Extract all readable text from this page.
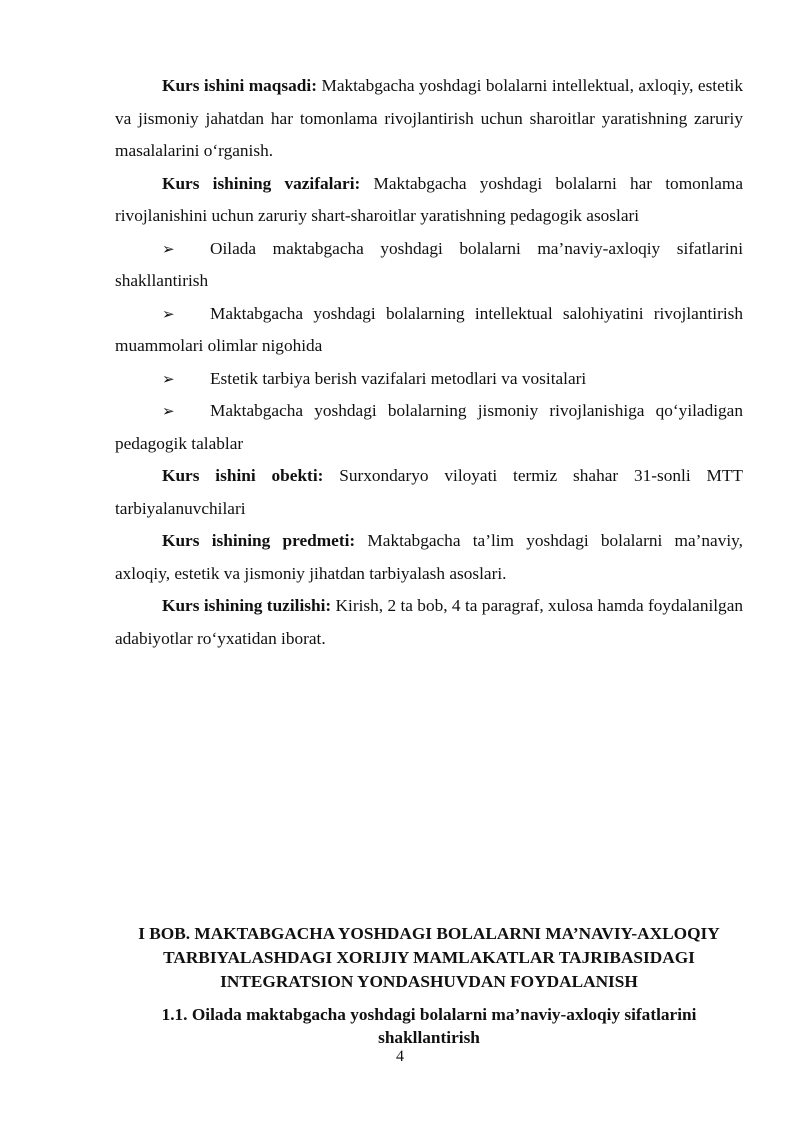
Kurs ishini maqsadi: Maktabgacha yoshdagi bolalarni intellektual, axloqiy, estetik va jismoniy jahatdan har tomonlama rivojlantirish uchun sharoitlar yaratishning zaruriy masalalarini o‘rganish.

Kurs ishining vazifalari: Maktabgacha yoshdagi bolalarni har tomonlama rivojlanishini uchun zaruriy shart-sharoitlar yaratishning pedagogik asoslari

➢ Oilada maktabgacha yoshdagi bolalarni ma’naviy-axloqiy sifatlarini shakllantirish

➢ Maktabgacha yoshdagi bolalarning intellektual salohiyatini rivojlantirish muammolari olimlar nigohida

➢ Estetik tarbiya berish vazifalari metodlari va vositalari

➢ Maktabgacha yoshdagi bolalarning jismoniy rivojlanishiga qo‘yiladigan pedagogik talablar

Kurs ishini obekti: Surxondaryo viloyati termiz shahar 31-sonli MTT tarbiyalanuvchilari

Kurs ishining predmeti: Maktabgacha ta’lim yoshdagi bolalarni ma’naviy, axloqiy, estetik va jismoniy jihatdan tarbiyalash asoslari.

Kurs ishining tuzilishi: Kirish, 2 ta bob, 4 ta paragraf, xulosa hamda foydalanilgan adabiyotlar ro‘yxatidan iborat.

I BOB. MAKTABGACHA YOSHDAGI BOLALARNI MA’NAVIY-AXLOQIY TARBIYALASHDAGI XORIJIY MAMLAKATLAR TAJRIBASIDAGI INTEGRATSION YONDASHUVDAN FOYDALANISH

1.1. Oilada maktabgacha yoshdagi bolalarni ma’naviy-axloqiy sifatlarini shakllantirish

4
